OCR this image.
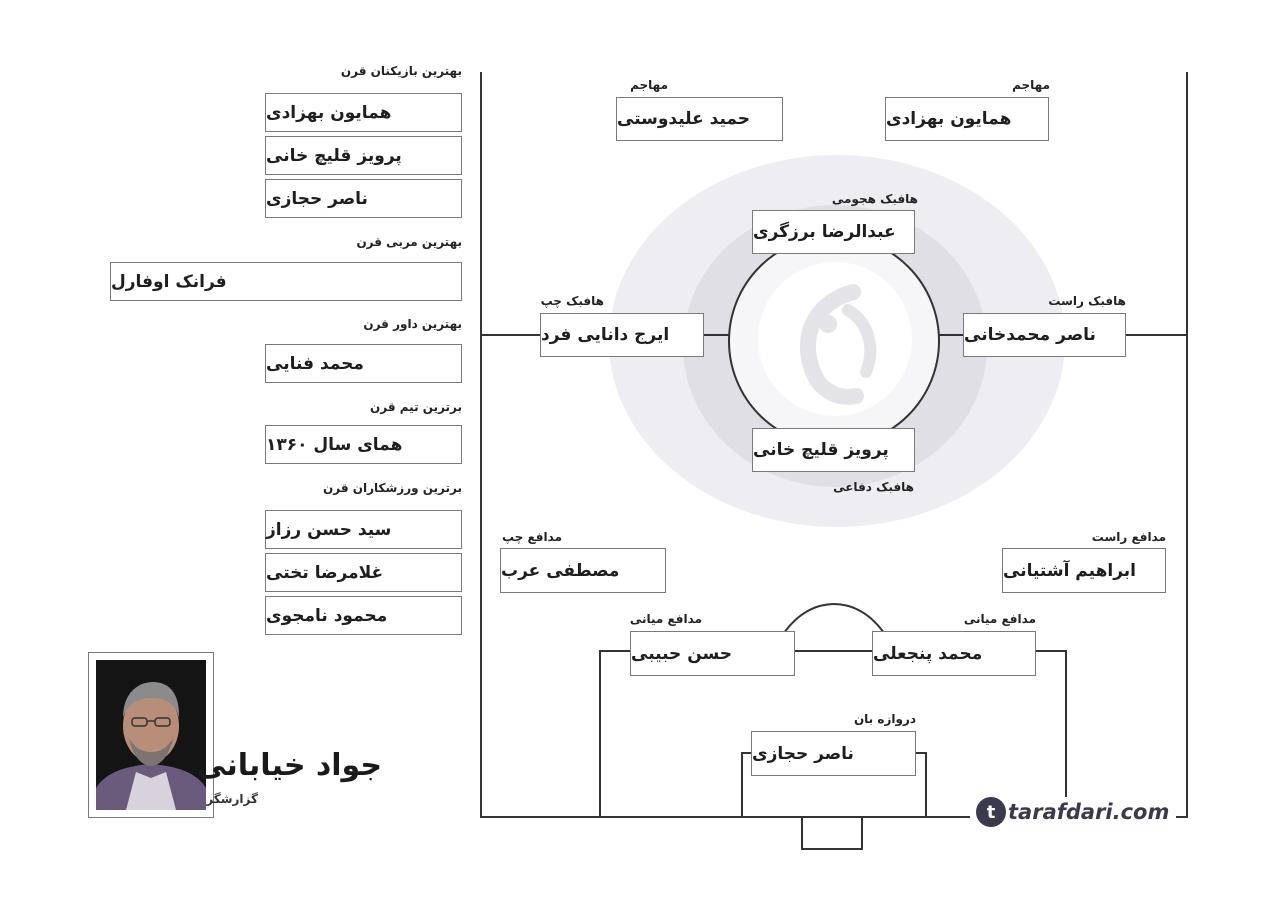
مهاجم
حمید علیدوستی
مهاجم
همایون بهزادی
هافبک هجومی
عبدالرضا برزگری
هافبک چپ
ایرج دانایی فرد
هافبک راست
ناصر محمدخانی
پرویز قلیچ خانی
هافبک دفاعی
مدافع چپ
مصطفی عرب
مدافع راست
ابراهیم آشتیانی
مدافع میانی
حسن حبیبی
مدافع میانی
محمد پنجعلی
دروازه بان
ناصر حجازی
t tarafdari.com
بهترین بازیکنان قرن
همایون بهزادی
پرویز قلیچ خانی
ناصر حجازی
بهترین مربی قرن
فرانک اوفارل
بهترین داور قرن
محمد فنایی
برترین تیم قرن
همای سال ۱۳۶۰
برترین ورزشکاران قرن
سید حسن رزاز
غلامرضا تختی
محمود نامجوی
جواد خیابانی
گزارشگر
